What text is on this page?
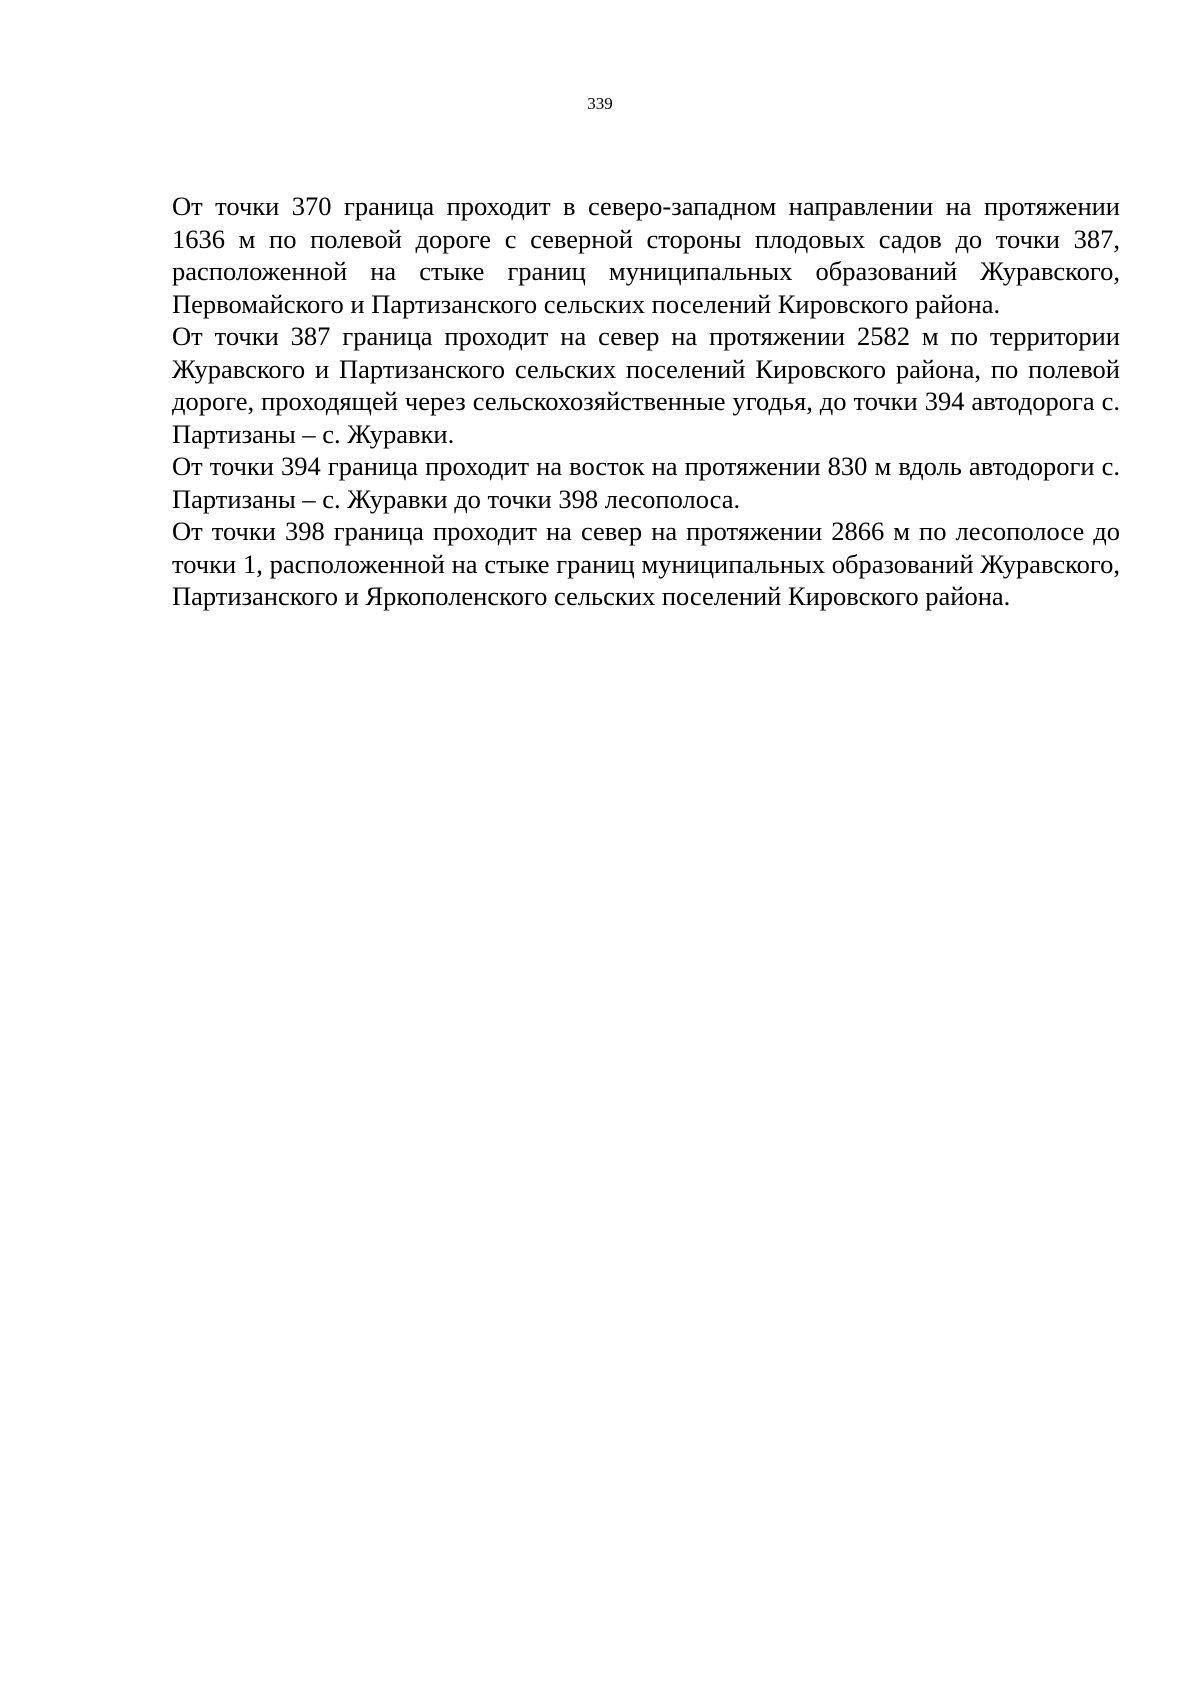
339

От точки 370 граница проходит в северо-западном направлении на протяжении 1636 м по полевой дороге с северной стороны плодовых садов до точки 387, расположенной на стыке границ муниципальных образований Журавского, Первомайского и Партизанского сельских поселений Кировского района.

От точки 387 граница проходит на север на протяжении 2582 м по территории Журавского и Партизанского сельских поселений Кировского района, по полевой дороге, проходящей через сельскохозяйственные угодья, до точки 394 автодорога с. Партизаны – с. Журавки.

От точки 394 граница проходит на восток на протяжении 830 м вдоль автодороги с. Партизаны – с. Журавки до точки 398 лесополоса.

От точки 398 граница проходит на север на протяжении 2866 м по лесополосе до точки 1, расположенной на стыке границ муниципальных образований Журавского, Партизанского и Яркополенского сельских поселений Кировского района.
